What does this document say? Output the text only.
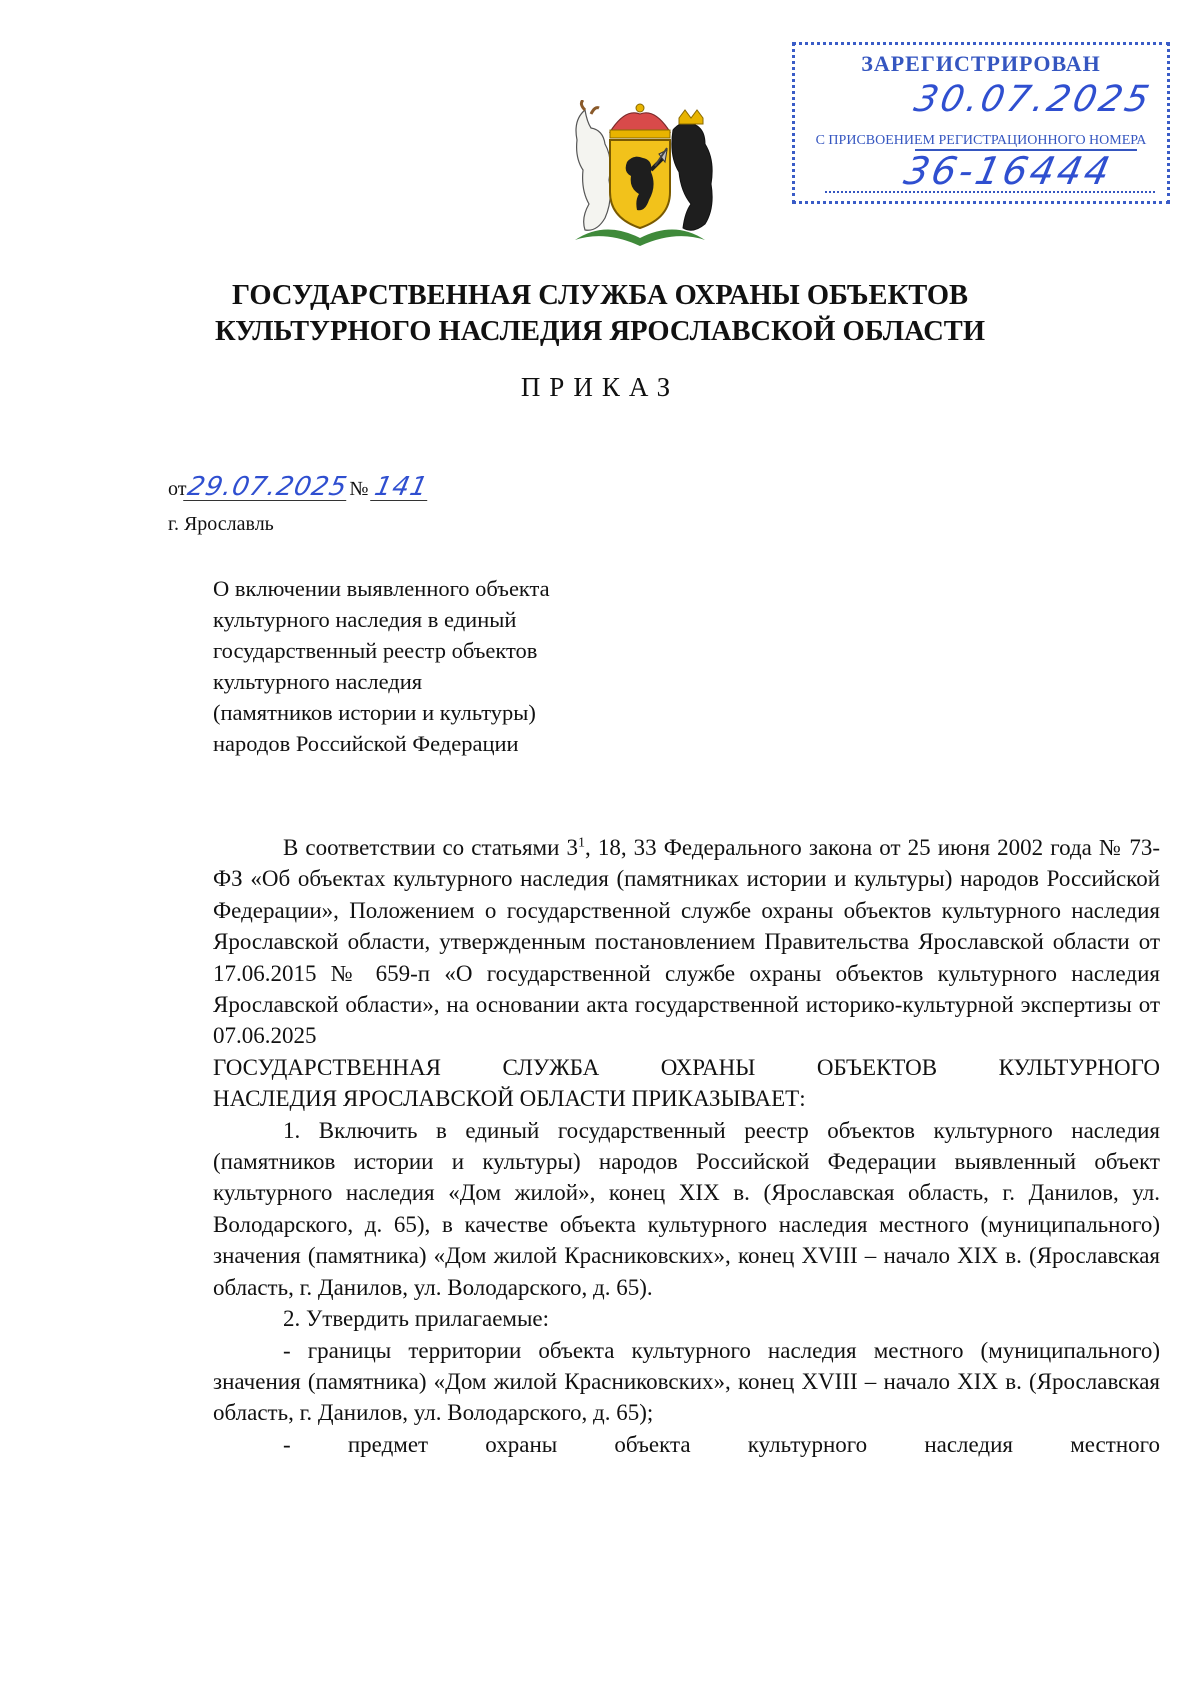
ЗАРЕГИСТРИРОВАН
30.07.2025
С ПРИСВОЕНИЕМ РЕГИСТРАЦИОННОГО НОМЕРА
36-16444
ГОСУДАРСТВЕННАЯ СЛУЖБА ОХРАНЫ ОБЪЕКТОВ
КУЛЬТУРНОГО НАСЛЕДИЯ ЯРОСЛАВСКОЙ ОБЛАСТИ
ПРИКАЗ
от29.07.2025№ 141
г. Ярославль
О включении выявленного объекта
культурного наследия в единый
государственный реестр объектов
культурного наследия
(памятников истории и культуры)
народов Российской Федерации

В соответствии со статьями $3^1$, 18, 33 Федерального закона от 25 июня 2002 года № 73-ФЗ «Об объектах культурного наследия (памятниках истории и культуры) народов Российской Федерации», Положением о государственной службе охраны объектов культурного наследия Ярославской области, утвержденным постановлением Правительства Ярославской области от 17.06.2015 № 659-п «О государственной службе охраны объектов культурного наследия Ярославской области», на основании акта государственной историко-культурной экспертизы от 07.06.2025

ГОСУДАРСТВЕННАЯ СЛУЖБА ОХРАНЫ ОБЪЕКТОВ КУЛЬТУРНОГО

НАСЛЕДИЯ ЯРОСЛАВСКОЙ ОБЛАСТИ ПРИКАЗЫВАЕТ:

1. Включить в единый государственный реестр объектов культурного наследия (памятников истории и культуры) народов Российской Федерации выявленный объект культурного наследия «Дом жилой», конец XIX в. (Ярославская область, г. Данилов, ул. Володарского, д. 65), в качестве объекта культурного наследия местного (муниципального) значения (памятника) «Дом жилой Красниковских», конец XVIII – начало XIX в. (Ярославская область, г. Данилов, ул. Володарского, д. 65).

2. Утвердить прилагаемые:

- границы территории объекта культурного наследия местного (муниципального) значения (памятника) «Дом жилой Красниковских», конец XVIII – начало XIX в. (Ярославская область, г. Данилов, ул. Володарского, д. 65);

- предмет охраны объекта культурного наследия местного
